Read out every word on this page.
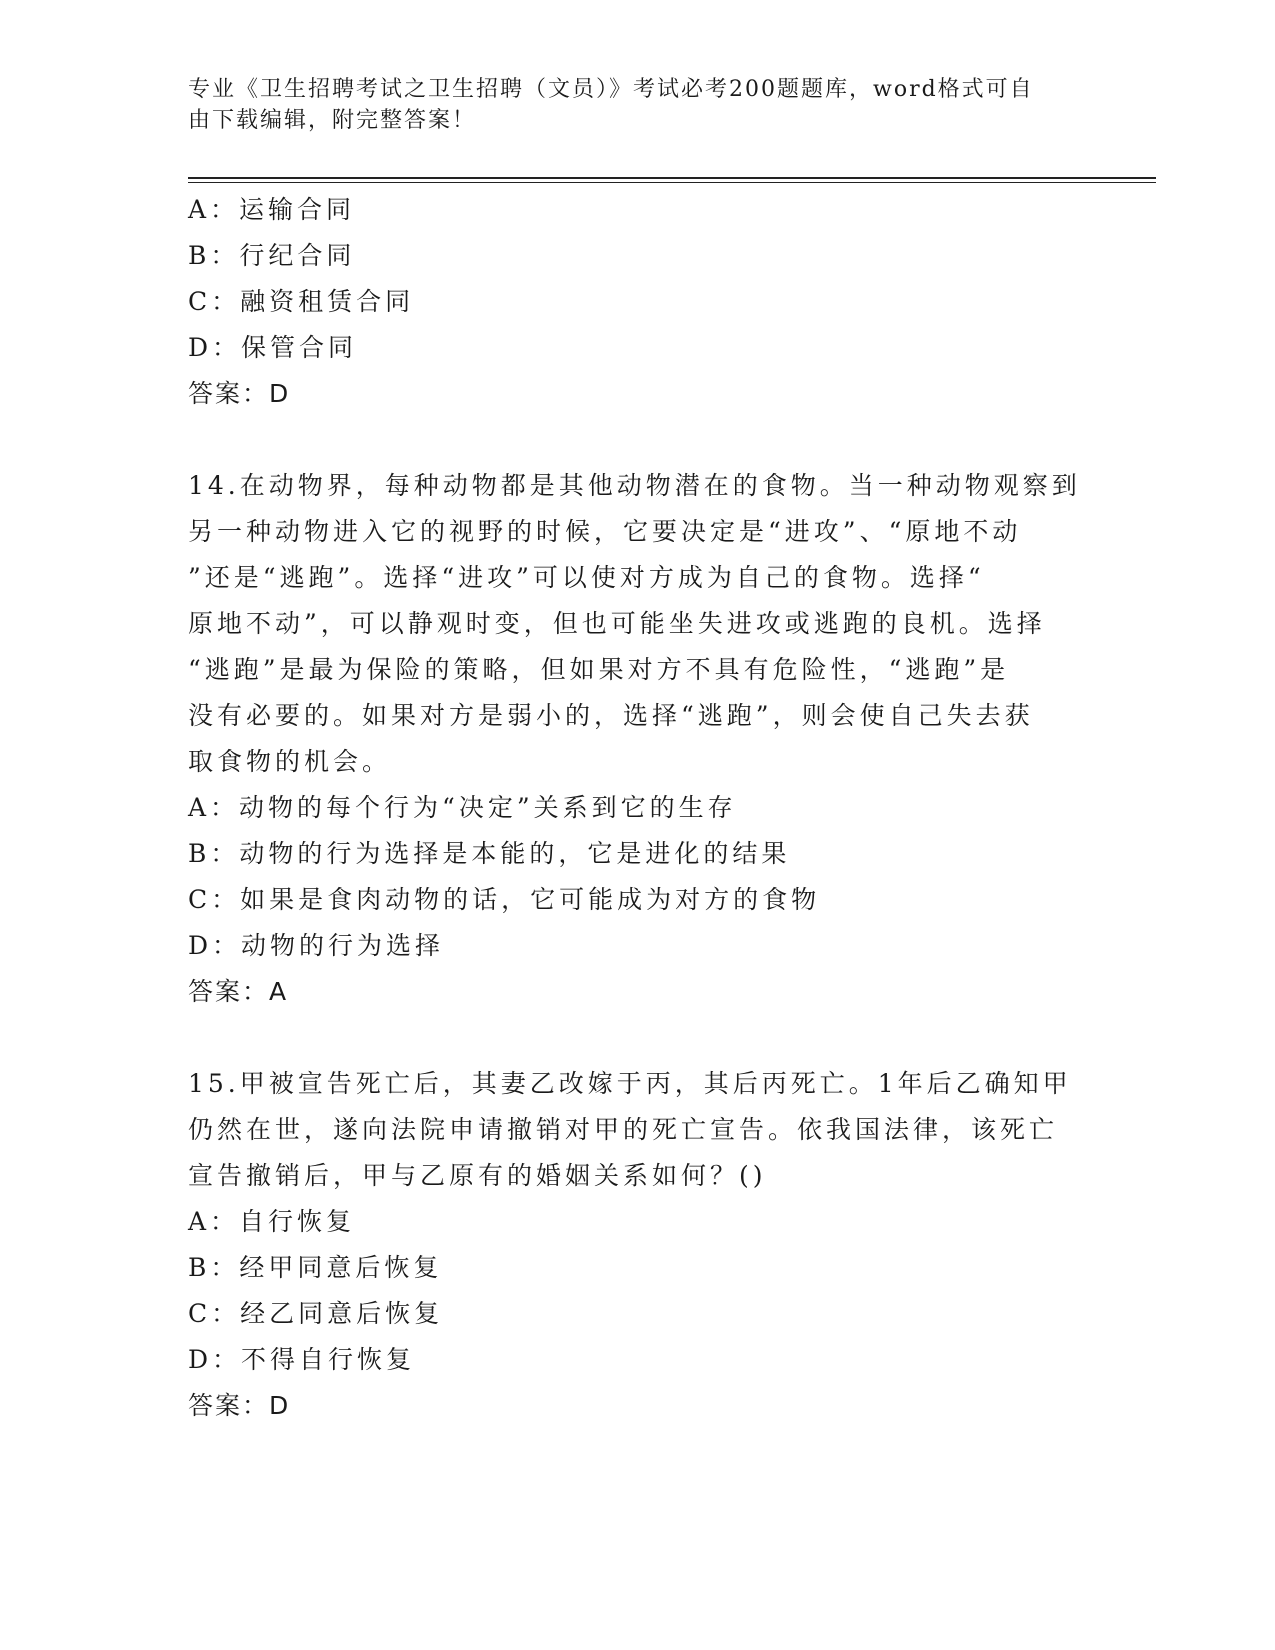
专业《卫生招聘考试之卫生招聘（文员）》考试必考200题题库，word格式可自
由下载编辑，附完整答案！
A：运输合同
B：行纪合同
C：融资租赁合同
D：保管合同
答案：D
14.在动物界，每种动物都是其他动物潜在的食物。当一种动物观察到
另一种动物进入它的视野的时候，它要决定是“进攻”、“原地不动
”还是“逃跑”。选择“进攻”可以使对方成为自己的食物。选择“
原地不动”，可以静观时变，但也可能坐失进攻或逃跑的良机。选择
“逃跑”是最为保险的策略，但如果对方不具有危险性，“逃跑”是
没有必要的。如果对方是弱小的，选择“逃跑”，则会使自己失去获
取食物的机会。
A：动物的每个行为“决定”关系到它的生存
B：动物的行为选择是本能的，它是进化的结果
C：如果是食肉动物的话，它可能成为对方的食物
D：动物的行为选择
答案：A
15.甲被宣告死亡后，其妻乙改嫁于丙，其后丙死亡。1年后乙确知甲
仍然在世，遂向法院申请撤销对甲的死亡宣告。依我国法律，该死亡
宣告撤销后，甲与乙原有的婚姻关系如何？()
A：自行恢复
B：经甲同意后恢复
C：经乙同意后恢复
D：不得自行恢复
答案：D
